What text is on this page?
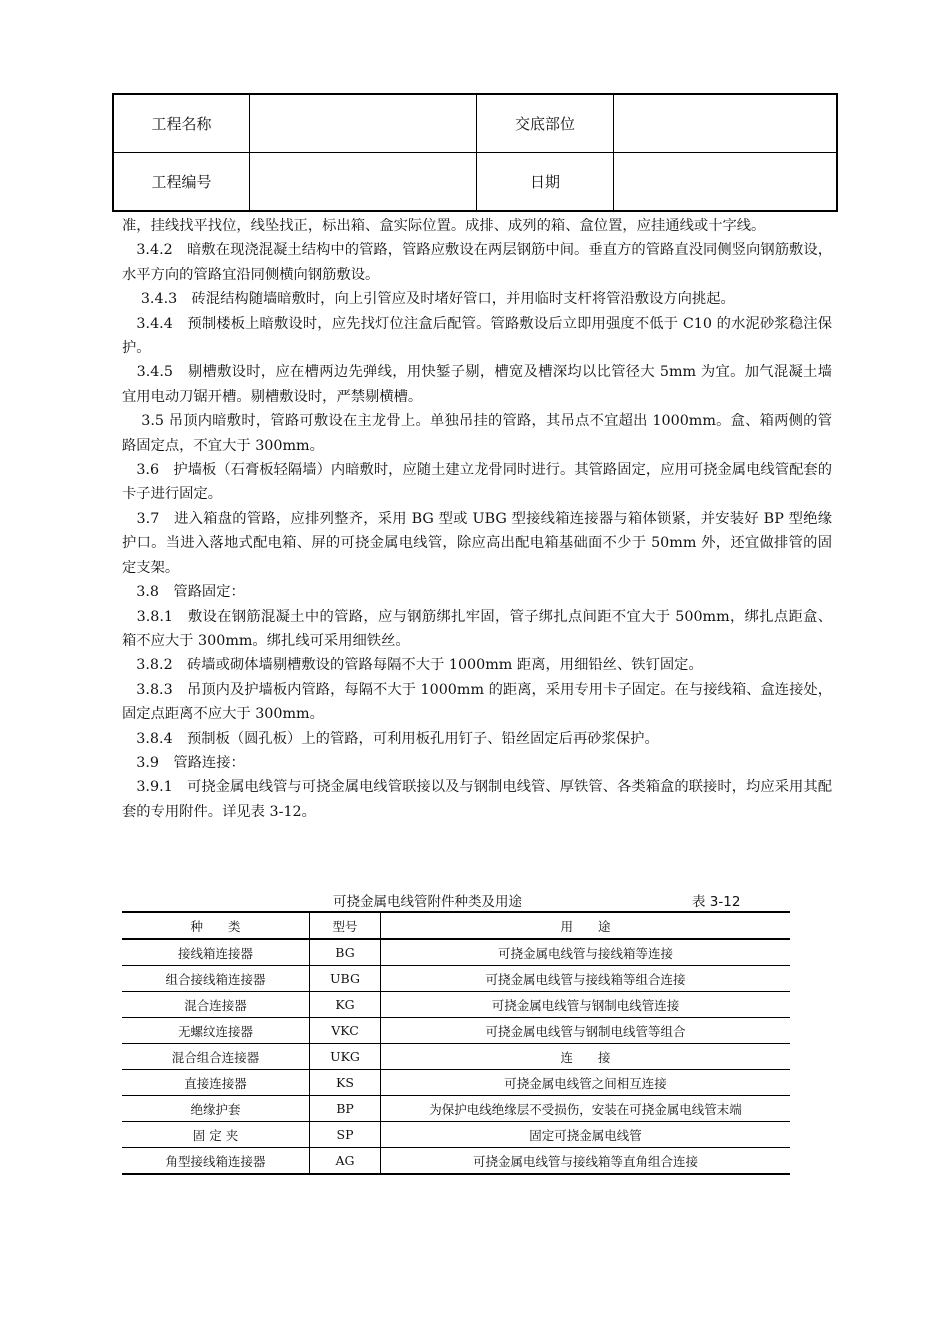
工程名称		交底部位	
工程编号		日期	

准，挂线找平找位，线坠找正，标出箱、盒实际位置。成排、成列的箱、盒位置，应挂通线或十字线。

　3.4.2　暗敷在现浇混凝土结构中的管路，管路应敷设在两层钢筋中间。垂直方的管路直没同侧竖向钢筋敷设，水平方向的管路宜沿同侧横向钢筋敷设。

　 3.4.3　砖混结构随墙暗敷时，向上引管应及时堵好管口，并用临时支杆将管沿敷设方向挑起。

　3.4.4　预制楼板上暗敷设时，应先找灯位注盒后配管。管路敷设后立即用强度不低于 C10 的水泥砂浆稳注保护。

　3.4.5　剔槽敷设时，应在槽两边先弹线，用快錾子剔，槽宽及槽深均以比管径大 5mm 为宜。加气混凝土墙宜用电动刀锯开槽。剔槽敷设时，严禁剔横槽。

　 3.5 吊顶内暗敷时，管路可敷设在主龙骨上。单独吊挂的管路，其吊点不宜超出 1000mm。盒、箱两侧的管路固定点，不宜大于 300mm。

　3.6　护墙板（石膏板轻隔墙）内暗敷时，应随土建立龙骨同时进行。其管路固定，应用可挠金属电线管配套的卡子进行固定。

　3.7　进入箱盘的管路，应排列整齐，采用 BG 型或 UBG 型接线箱连接器与箱体锁紧，并安装好 BP 型绝缘护口。当进入落地式配电箱、屏的可挠金属电线管，除应高出配电箱基础面不少于 50mm 外，还宜做排管的固定支架。

　3.8　管路固定：

　3.8.1　敷设在钢筋混凝土中的管路，应与钢筋绑扎牢固，管子绑扎点间距不宜大于 500mm，绑扎点距盒、箱不应大于 300mm。绑扎线可采用细铁丝。

　3.8.2　砖墙或砌体墙剔槽敷设的管路每隔不大于 1000mm 距离，用细铅丝、铁钉固定。

　3.8.3　吊顶内及护墙板内管路，每隔不大于 1000mm 的距离，采用专用卡子固定。在与接线箱、盒连接处，固定点距离不应大于 300mm。

　3.8.4　预制板（圆孔板）上的管路，可利用板孔用钉子、铅丝固定后再砂浆保护。

　3.9　管路连接：

　3.9.1　可挠金属电线管与可挠金属电线管联接以及与钢制电线管、厚铁管、各类箱盒的联接时，均应采用其配套的专用附件。详见表 3-12。

可挠金属电线管附件种类及用途	表 3-12
种　　类	型号	用　　途
接线箱连接器	BG	可挠金属电线管与接线箱等连接
组合接线箱连接器	UBG	可挠金属电线管与接线箱等组合连接
混合连接器	KG	可挠金属电线管与钢制电线管连接
无螺纹连接器	VKC	可挠金属电线管与钢制电线管等组合
混合组合连接器	UKG	连　　接
直接连接器	KS	可挠金属电线管之间相互连接
绝缘护套	BP	为保护电线绝缘层不受损伤，安装在可挠金属电线管末端
固 定 夹	SP	固定可挠金属电线管
角型接线箱连接器	AG	可挠金属电线管与接线箱等直角组合连接
